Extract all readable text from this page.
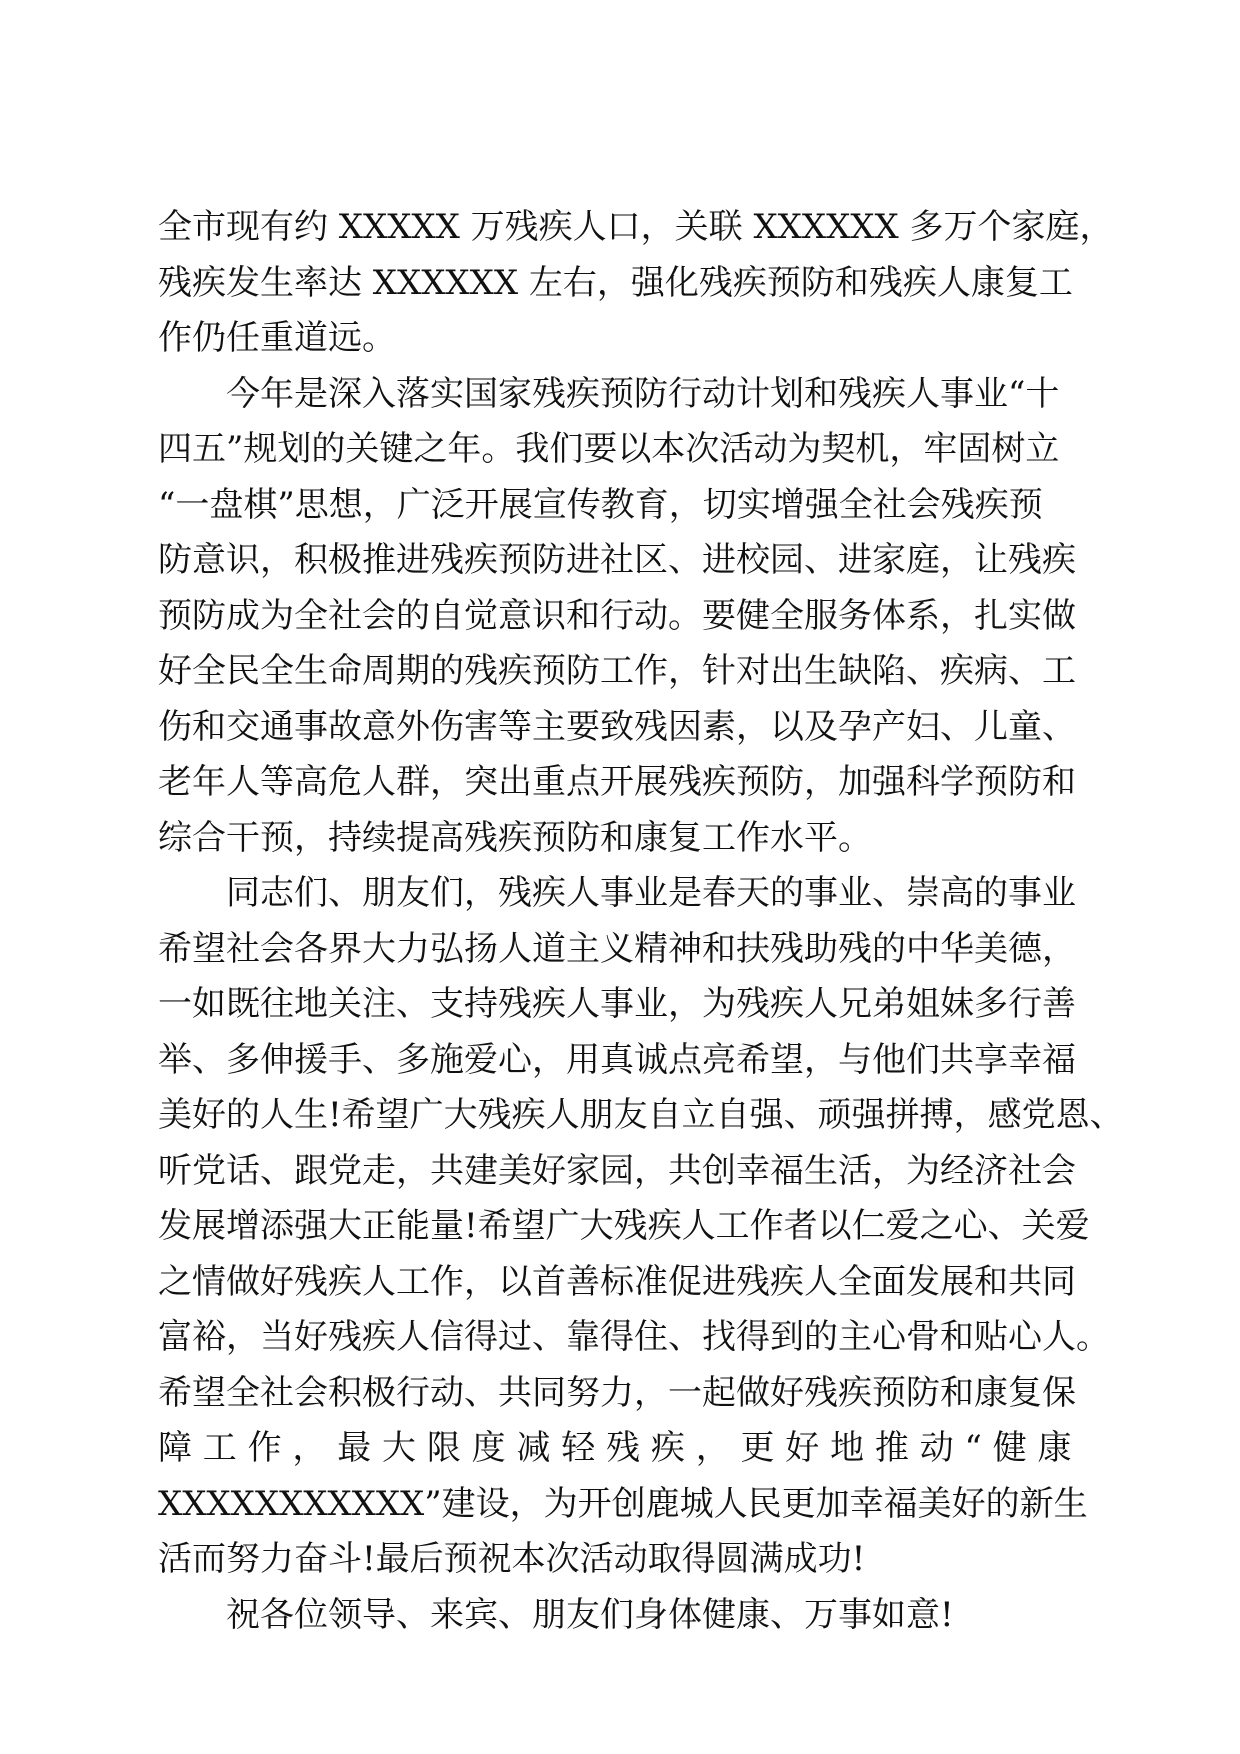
全市现有约 XXXXX 万残疾人口，关联 XXXXXX 多万个家庭，
残疾发生率达 XXXXXX 左右，强化残疾预防和残疾人康复工
作仍任重道远。
今年是深入落实国家残疾预防行动计划和残疾人事业“十
四五”规划的关键之年。我们要以本次活动为契机，牢固树立
“一盘棋”思想，广泛开展宣传教育，切实增强全社会残疾预
防意识，积极推进残疾预防进社区、进校园、进家庭，让残疾
预防成为全社会的自觉意识和行动。要健全服务体系，扎实做
好全民全生命周期的残疾预防工作，针对出生缺陷、疾病、工
伤和交通事故意外伤害等主要致残因素，以及孕产妇、儿童、
老年人等高危人群，突出重点开展残疾预防，加强科学预防和
综合干预，持续提高残疾预防和康复工作水平。
同志们、朋友们，残疾人事业是春天的事业、崇高的事业
希望社会各界大力弘扬人道主义精神和扶残助残的中华美德，
一如既往地关注、支持残疾人事业，为残疾人兄弟姐妹多行善
举、多伸援手、多施爱心，用真诚点亮希望，与他们共享幸福
美好的人生!希望广大残疾人朋友自立自强、顽强拼搏，感党恩、
听党话、跟党走，共建美好家园，共创幸福生活，为经济社会
发展增添强大正能量!希望广大残疾人工作者以仁爱之心、关爱
之情做好残疾人工作，以首善标准促进残疾人全面发展和共同
富裕，当好残疾人信得过、靠得住、找得到的主心骨和贴心人。
希望全社会积极行动、共同努力，一起做好残疾预防和康复保
障 工 作 ， 最 大 限 度 减 轻 残 疾 ， 更 好 地 推 动 “ 健 康
XXXXXXXXXXX”建设，为开创鹿城人民更加幸福美好的新生
活而努力奋斗!最后预祝本次活动取得圆满成功!
祝各位领导、来宾、朋友们身体健康、万事如意!
